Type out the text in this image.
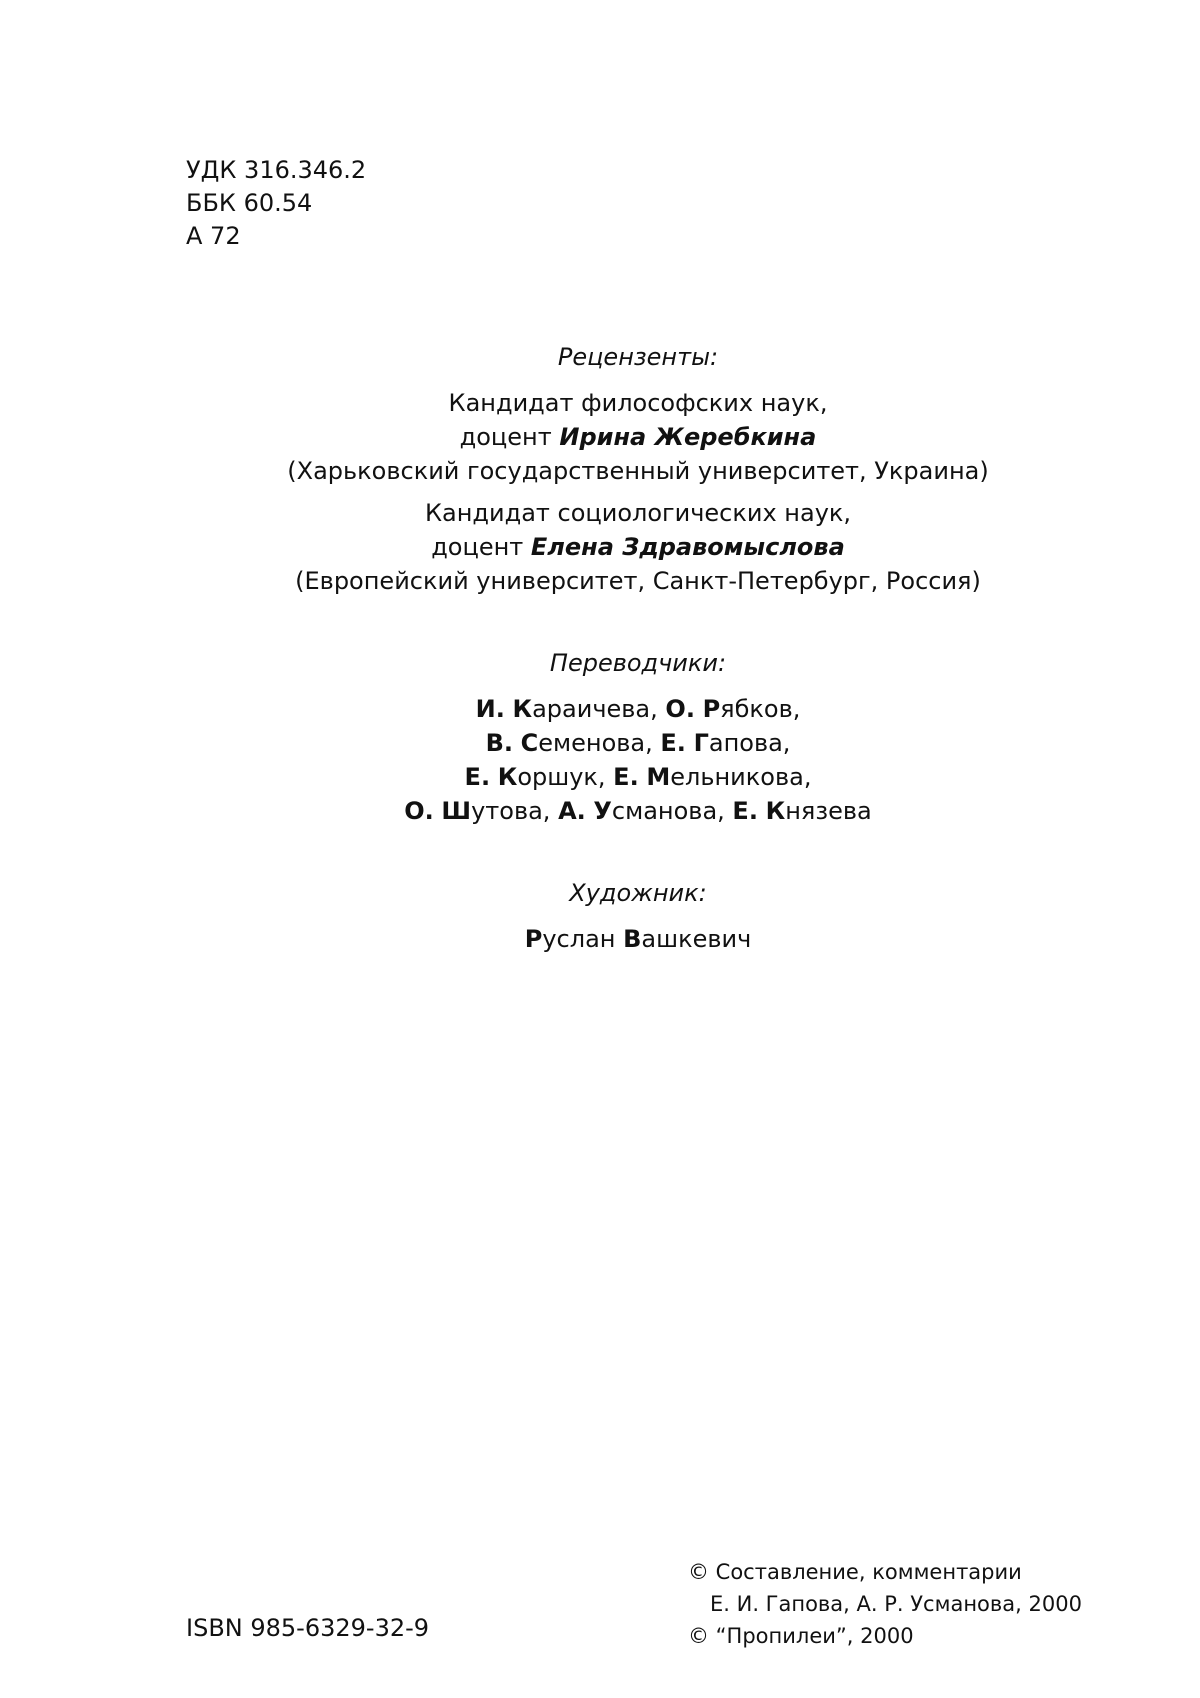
УДК 316.346.2
ББК 60.54
А 72
Рецензенты:
Кандидат философских наук,
доцент Ирина Жеребкина
(Харьковский государственный университет, Украина)
Кандидат социологических наук,
доцент Елена Здравомыслова
(Европейский университет, Санкт-Петербург, Россия)
Переводчики:
И. Караичева, О. Рябков,
В. Семенова, Е. Гапова,
Е. Коршук, Е. Мельникова,
О. Шутова, А. Усманова, Е. Князева
Художник:
Руслан Вашкевич
ISBN 985-6329-32-9
© Составление, комментарии
Е. И. Гапова, А. Р. Усманова, 2000
© “Пропилеи”, 2000
